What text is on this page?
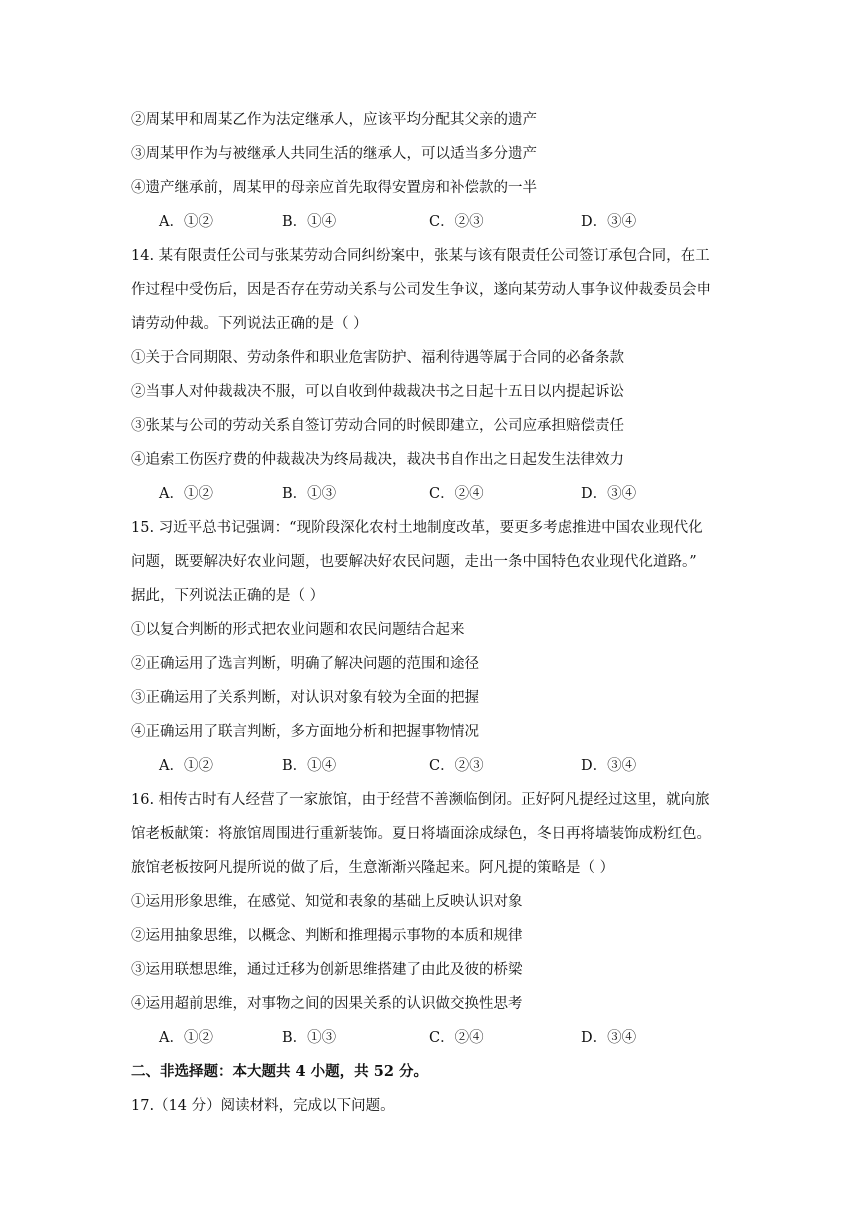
②周某甲和周某乙作为法定继承人，应该平均分配其父亲的遗产
③周某甲作为与被继承人共同生活的继承人，可以适当多分遗产
④遗产继承前，周某甲的母亲应首先取得安置房和补偿款的一半
A．①②	B．①④	C．②③	D．③④
14. 某有限责任公司与张某劳动合同纠纷案中，张某与该有限责任公司签订承包合同，在工
作过程中受伤后，因是否存在劳动关系与公司发生争议，遂向某劳动人事争议仲裁委员会申
请劳动仲裁。下列说法正确的是（ ）
①关于合同期限、劳动条件和职业危害防护、福利待遇等属于合同的必备条款
②当事人对仲裁裁决不服，可以自收到仲裁裁决书之日起十五日以内提起诉讼
③张某与公司的劳动关系自签订劳动合同的时候即建立，公司应承担赔偿责任
④追索工伤医疗费的仲裁裁决为终局裁决，裁决书自作出之日起发生法律效力
A．①②	B．①③	C．②④	D．③④
15. 习近平总书记强调：“现阶段深化农村土地制度改革，要更多考虑推进中国农业现代化
问题，既要解决好农业问题，也要解决好农民问题，走出一条中国特色农业现代化道路。”
据此，下列说法正确的是（ ）
①以复合判断的形式把农业问题和农民问题结合起来
②正确运用了选言判断，明确了解决问题的范围和途径
③正确运用了关系判断，对认识对象有较为全面的把握
④正确运用了联言判断，多方面地分析和把握事物情况
A．①②	B．①④	C．②③	D．③④
16. 相传古时有人经营了一家旅馆，由于经营不善濒临倒闭。正好阿凡提经过这里，就向旅
馆老板献策：将旅馆周围进行重新装饰。夏日将墙面涂成绿色，冬日再将墙装饰成粉红色。
旅馆老板按阿凡提所说的做了后，生意渐渐兴隆起来。阿凡提的策略是（ ）
①运用形象思维，在感觉、知觉和表象的基础上反映认识对象
②运用抽象思维，以概念、判断和推理揭示事物的本质和规律
③运用联想思维，通过迁移为创新思维搭建了由此及彼的桥梁
④运用超前思维，对事物之间的因果关系的认识做交换性思考
A．①②	B．①③	C．②④	D．③④
二、非选择题：本大题共 4 小题，共 52 分。
17.（14 分）阅读材料，完成以下问题。
